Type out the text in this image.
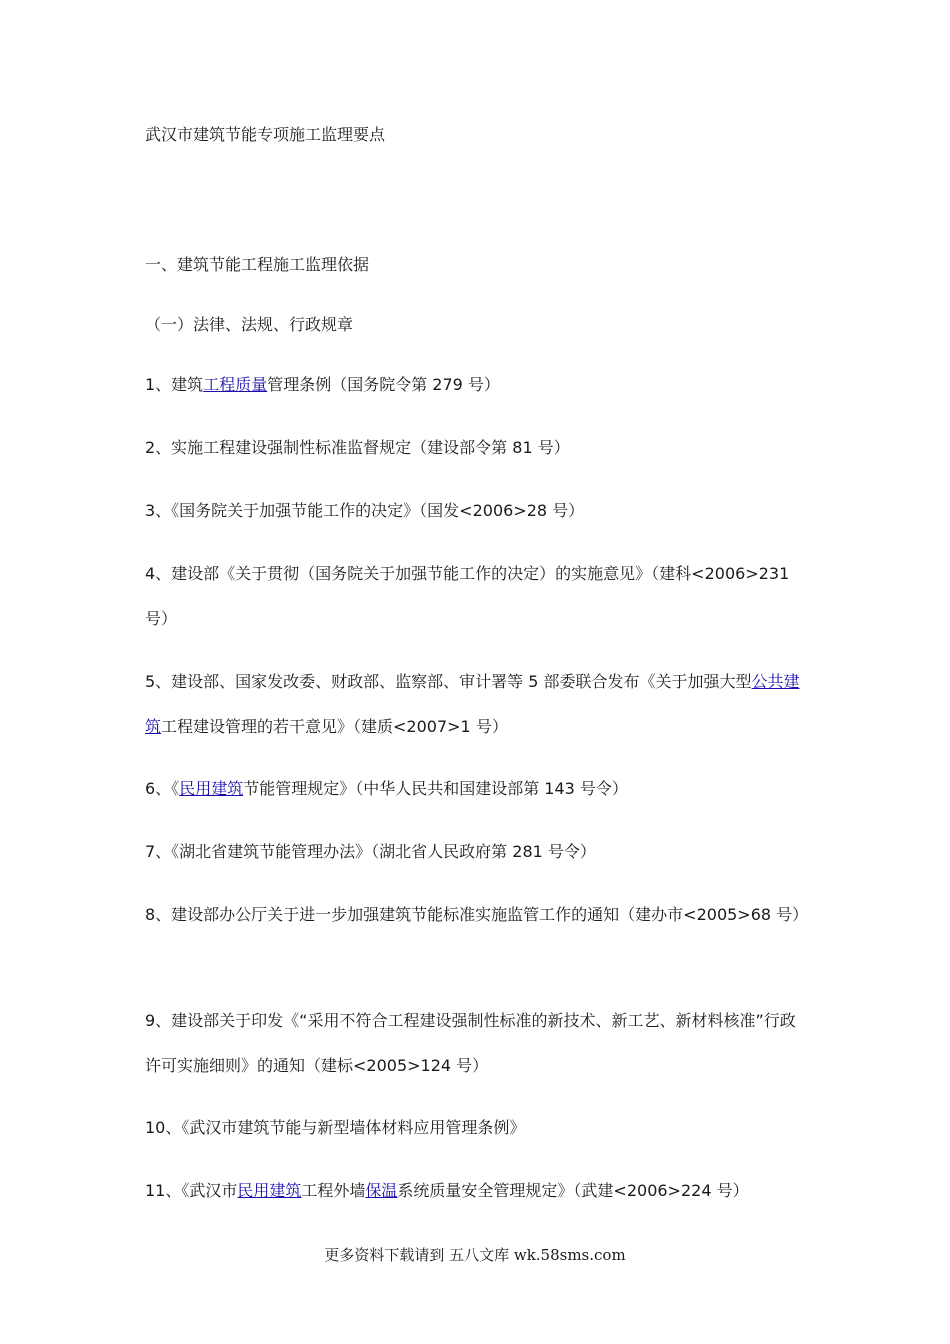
武汉市建筑节能专项施工监理要点
一、建筑节能工程施工监理依据
（一）法律、法规、行政规章
1、建筑工程质量管理条例（国务院令第 279 号）
2、实施工程建设强制性标准监督规定（建设部令第 81 号）
3、《国务院关于加强节能工作的决定》（国发<2006>28 号）
4、建设部《关于贯彻（国务院关于加强节能工作的决定）的实施意见》（建科<2006>231 号）
5、建设部、国家发改委、财政部、监察部、审计署等 5 部委联合发布《关于加强大型公共建筑工程建设管理的若干意见》（建质<2007>1 号）
6、《民用建筑节能管理规定》（中华人民共和国建设部第 143 号令）
7、《湖北省建筑节能管理办法》（湖北省人民政府第 281 号令）
8、建设部办公厅关于进一步加强建筑节能标准实施监管工作的通知（建办市<2005>68 号）
9、建设部关于印发《“采用不符合工程建设强制性标准的新技术、新工艺、新材料核准”行政许可实施细则》的通知（建标<2005>124 号）
10、《武汉市建筑节能与新型墙体材料应用管理条例》
11、《武汉市民用建筑工程外墙保温系统质量安全管理规定》（武建<2006>224 号）
更多资料下载请到 五八文库 wk.58sms.com
